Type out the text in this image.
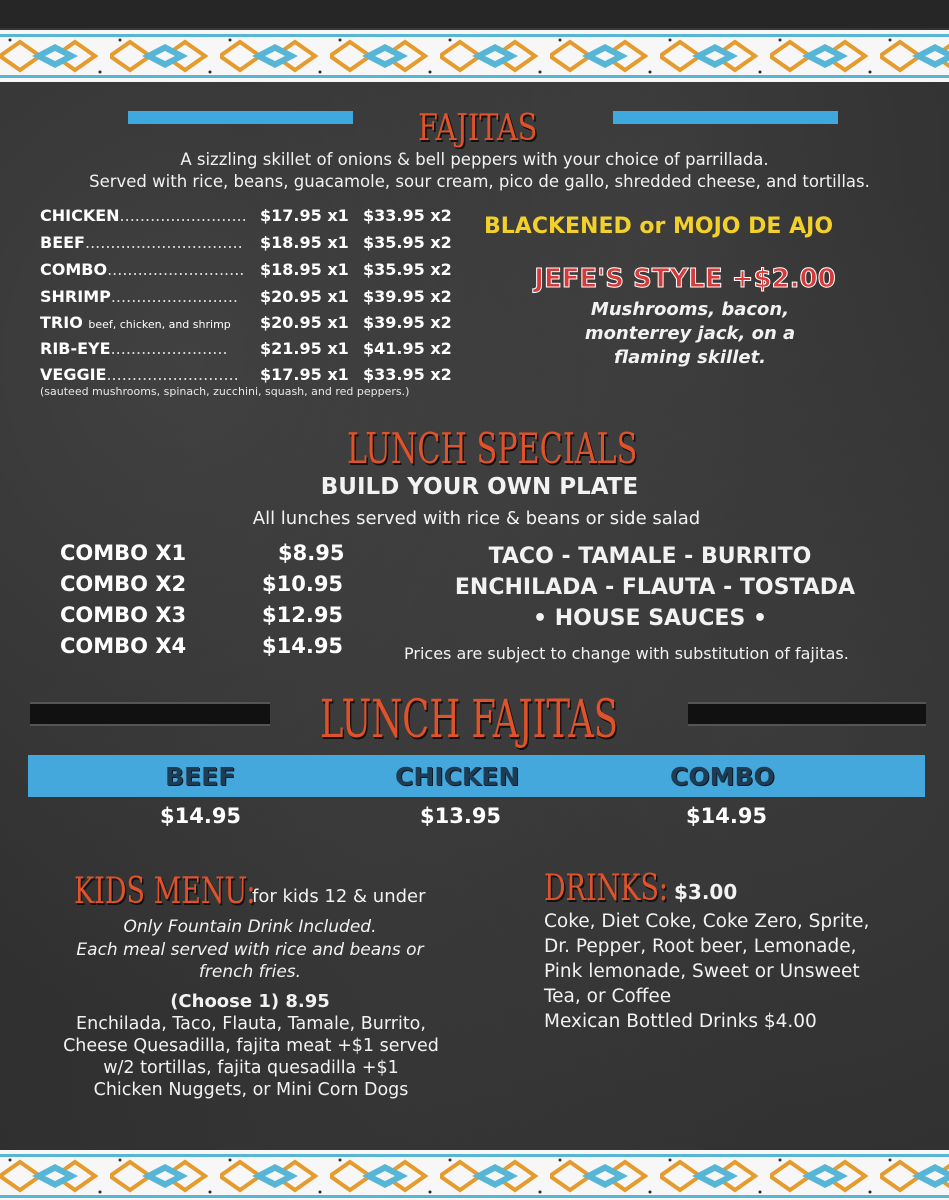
FAJITAS
A sizzling skillet of onions & bell peppers with your choice of parrillada.
Served with rice, beans, guacamole, sour cream, pico de gallo, shredded cheese, and tortillas.
CHICKEN......................... $17.95 x1 $33.95 x2
BEEF............................... $18.95 x1 $35.95 x2
COMBO........................... $18.95 x1 $35.95 x2
SHRIMP......................... $20.95 x1 $39.95 x2
TRIO beef, chicken, and shrimp $20.95 x1 $39.95 x2
RIB-EYE....................... $21.95 x1 $41.95 x2
VEGGIE.......................... $17.95 x1 $33.95 x2
(sauteed mushrooms, spinach, zucchini, squash, and red peppers.)
BLACKENED or MOJO DE AJO
JEFE'S STYLE +$2.00
Mushrooms, bacon,
monterrey jack, on a
flaming skillet.
LUNCH SPECIALS
BUILD YOUR OWN PLATE
All lunches served with rice & beans or side salad
COMBO X1	$8.95
COMBO X2	$10.95
COMBO X3	$12.95
COMBO X4	$14.95
TACO - TAMALE - BURRITO
ENCHILADA - FLAUTA - TOSTADA
• HOUSE SAUCES •
Prices are subject to change with substitution of fajitas.
LUNCH FAJITAS
BEEF	CHICKEN	COMBO
$14.95	$13.95	$14.95
KIDS MENU:
for kids 12 & under
Only Fountain Drink Included.
Each meal served with rice and beans or
french fries.
(Choose 1) 8.95
Enchilada, Taco, Flauta, Tamale, Burrito,
Cheese Quesadilla, fajita meat +$1 served
w/2 tortillas, fajita quesadilla +$1
Chicken Nuggets, or Mini Corn Dogs
DRINKS: $3.00
Coke, Diet Coke, Coke Zero, Sprite,
Dr. Pepper, Root beer, Lemonade,
Pink lemonade, Sweet or Unsweet
Tea, or Coffee
Mexican Bottled Drinks $4.00
